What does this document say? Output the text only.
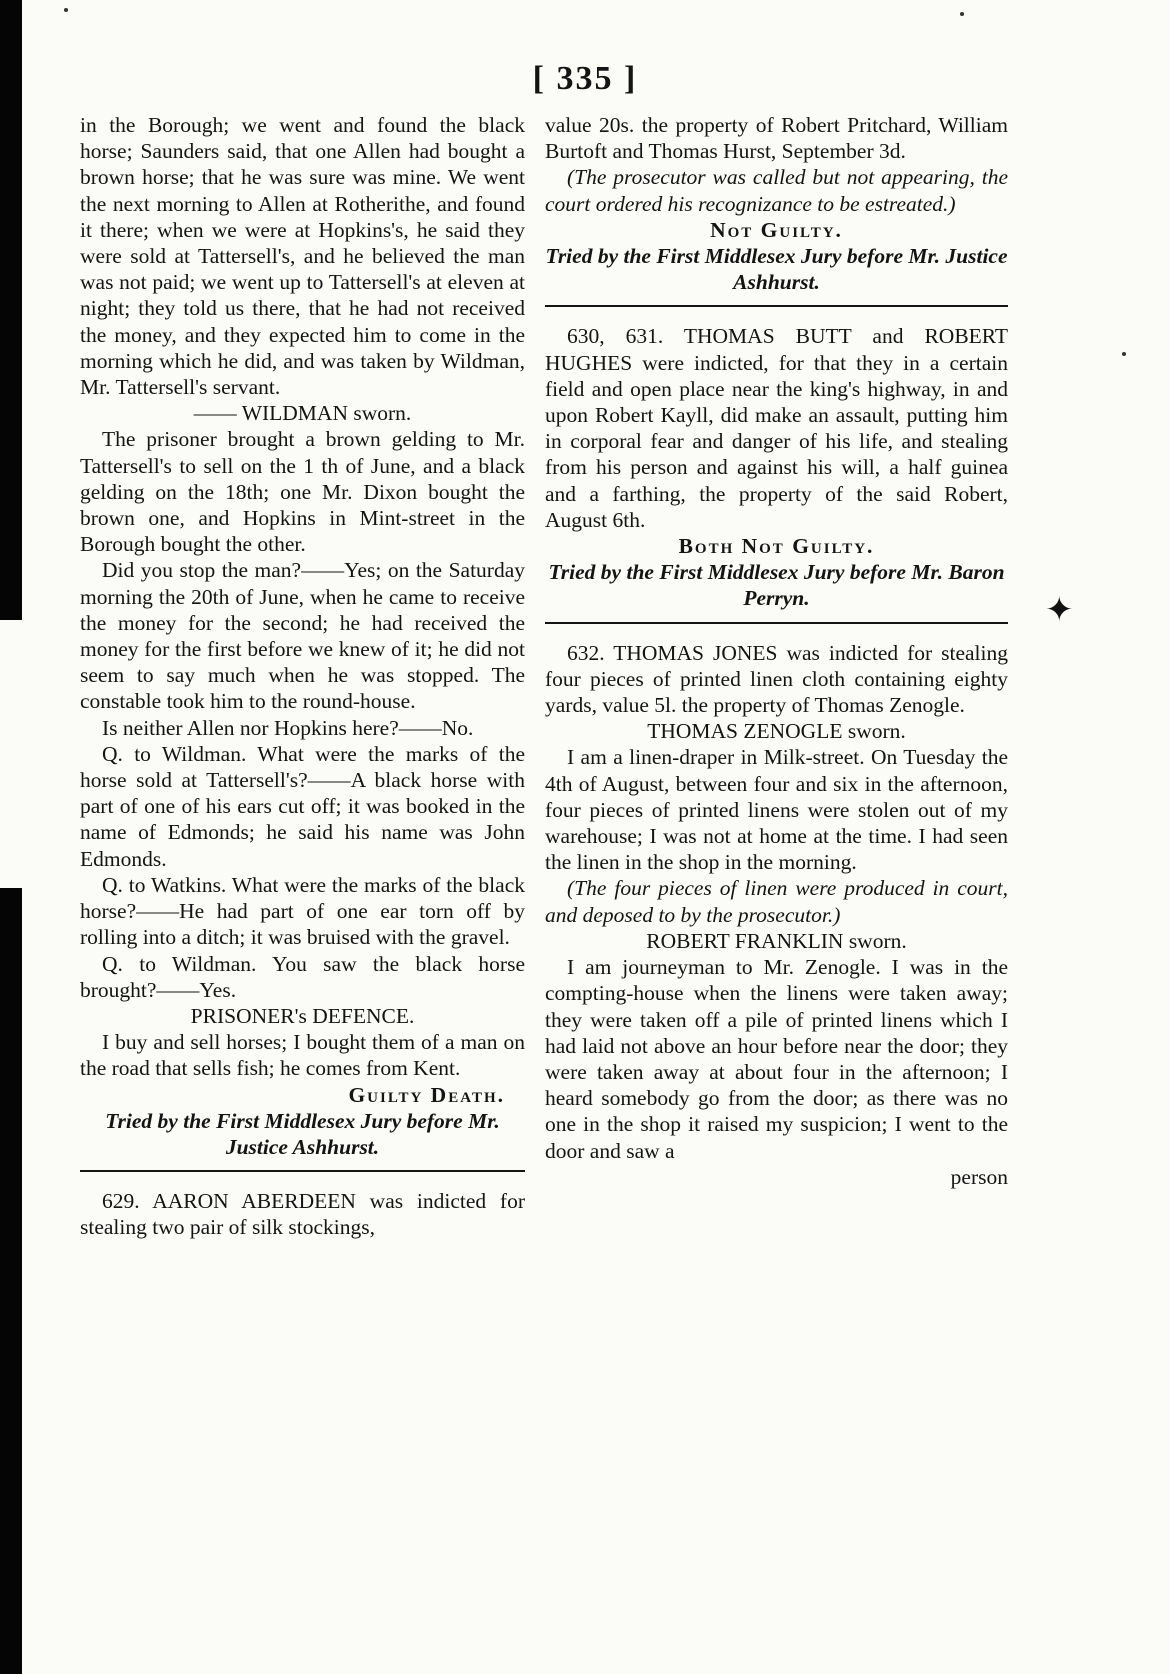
[ 335 ]

in the Borough; we went and found the black horse; Saunders said, that one Allen had bought a brown horse; that he was sure was mine. We went the next morning to Allen at Rotherithe, and found it there; when we were at Hopkins's, he said they were sold at Tattersell's, and he believed the man was not paid; we went up to Tattersell's at eleven at night; they told us there, that he had not received the money, and they expected him to come in the morning which he did, and was taken by Wildman, Mr. Tattersell's servant.

—— WILDMAN sworn.

The prisoner brought a brown gelding to Mr. Tattersell's to sell on the 1 th of June, and a black gelding on the 18th; one Mr. Dixon bought the brown one, and Hopkins in Mint-street in the Borough bought the other.

Did you stop the man?——Yes; on the Saturday morning the 20th of June, when he came to receive the money for the second; he had received the money for the first before we knew of it; he did not seem to say much when he was stopped. The constable took him to the round-house.

Is neither Allen nor Hopkins here?——No.

Q. to Wildman. What were the marks of the horse sold at Tattersell's?——A black horse with part of one of his ears cut off; it was booked in the name of Edmonds; he said his name was John Edmonds.

Q. to Watkins. What were the marks of the black horse?——He had part of one ear torn off by rolling into a ditch; it was bruised with the gravel.

Q. to Wildman. You saw the black horse brought?——Yes.

PRISONER's DEFENCE.

I buy and sell horses; I bought them of a man on the road that sells fish; he comes from Kent.

Guilty Death.

Tried by the First Middlesex Jury before Mr. Justice Ashhurst.

629. AARON ABERDEEN was indicted for stealing two pair of silk stockings,

value 20s. the property of Robert Pritchard, William Burtoft and Thomas Hurst, September 3d.

(The prosecutor was called but not appearing, the court ordered his recognizance to be estreated.)

Not Guilty.

Tried by the First Middlesex Jury before Mr. Justice Ashhurst.

630, 631. THOMAS BUTT and ROBERT HUGHES were indicted, for that they in a certain field and open place near the king's highway, in and upon Robert Kayll, did make an assault, putting him in corporal fear and danger of his life, and stealing from his person and against his will, a half guinea and a farthing, the property of the said Robert, August 6th.

Both Not Guilty.

Tried by the First Middlesex Jury before Mr. Baron Perryn.

632. THOMAS JONES was indicted for stealing four pieces of printed linen cloth containing eighty yards, value 5l. the property of Thomas Zenogle.

THOMAS ZENOGLE sworn.

I am a linen-draper in Milk-street. On Tuesday the 4th of August, between four and six in the afternoon, four pieces of printed linens were stolen out of my warehouse; I was not at home at the time. I had seen the linen in the shop in the morning.

(The four pieces of linen were produced in court, and deposed to by the prosecutor.)

ROBERT FRANKLIN sworn.

I am journeyman to Mr. Zenogle. I was in the compting-house when the linens were taken away; they were taken off a pile of printed linens which I had laid not above an hour before near the door; they were taken away at about four in the afternoon; I heard somebody go from the door; as there was no one in the shop it raised my suspicion; I went to the door and saw a

person

✦
